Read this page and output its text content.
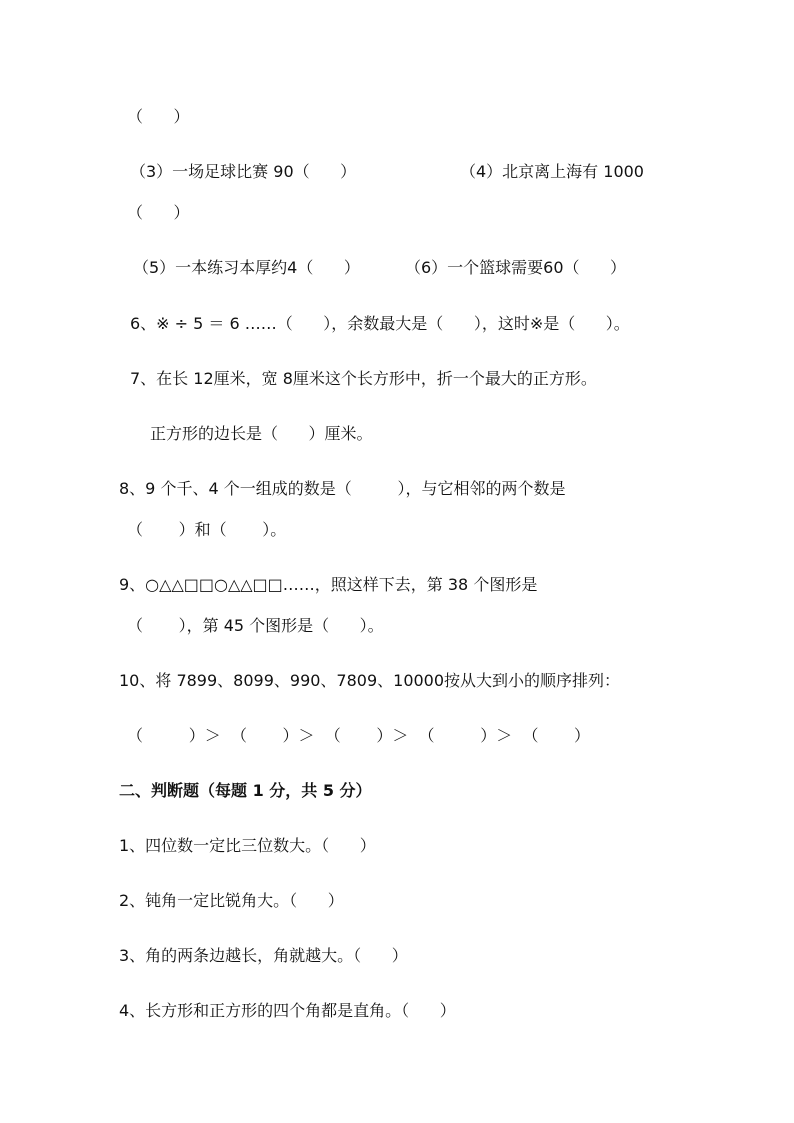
（      ）
（3）一场足球比赛 90（      ）	（4）北京离上海有 1000
（      ）
（5）一本练习本厚约4（      ）	（6）一个篮球需要60（      ）
6、※ ÷ 5 ＝ 6 ……（      ），余数最大是（      ），这时※是（      ）。
7、在长 12厘米，宽 8厘米这个长方形中，折一个最大的正方形。
正方形的边长是（      ）厘米。
8、9 个千、4 个一组成的数是（         ），与它相邻的两个数是
（       ）和（       ）。
9、○△△□□○△△□□……，照这样下去，第 38 个图形是
（       ），第 45 个图形是（      ）。
10、将 7899、8099、990、7809、10000按从大到小的顺序排列：
（         ）＞  （       ）＞  （       ）＞  （         ）＞  （       ）
二、判断题（每题 1 分，共 5 分）
1、四位数一定比三位数大。（      ）
2、钝角一定比锐角大。（      ）
3、角的两条边越长，角就越大。（      ）
4、长方形和正方形的四个角都是直角。（      ）
